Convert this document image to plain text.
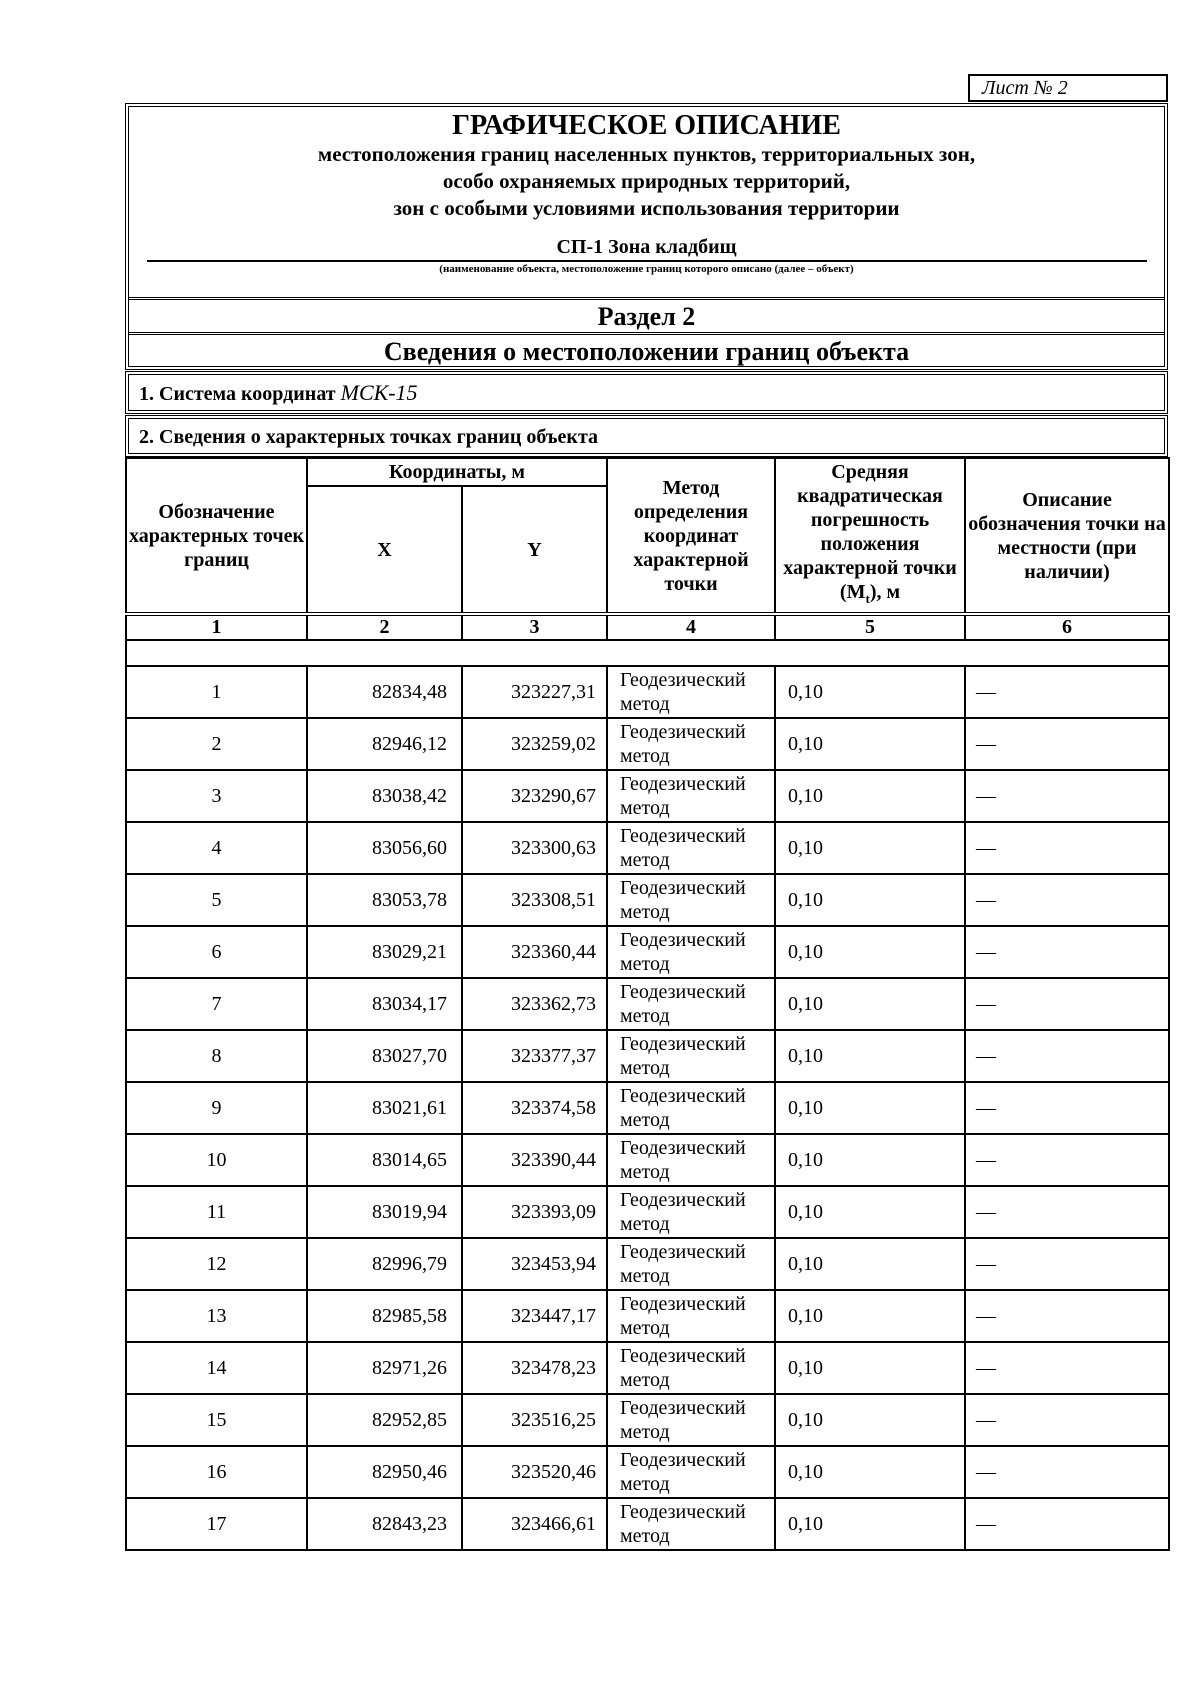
Лист № 2
ГРАФИЧЕСКОЕ ОПИСАНИЕ
местоположения границ населенных пунктов, территориальных зон,
особо охраняемых природных территорий,
зон с особыми условиями использования территории
СП-1 Зона кладбищ
(наименование объекта, местоположение границ которого описано (далее – объект)
Раздел 2
Сведения о местоположении границ объекта
1. Система координат МСК-15
2. Сведения о характерных точках границ объекта
Обозначение характерных точек границ	Координаты, м		Метод определения координат характерной точки	Средняя квадратическая погрешность положения характерной точки $(M_t)$, м	Описание обозначения точки на местности (при наличии)
	X	Y			
1	2	3	4	5	6

1	82834,48	323227,31	Геодезический метод	0,10	—
2	82946,12	323259,02	Геодезический метод	0,10	—
3	83038,42	323290,67	Геодезический метод	0,10	—
4	83056,60	323300,63	Геодезический метод	0,10	—
5	83053,78	323308,51	Геодезический метод	0,10	—
6	83029,21	323360,44	Геодезический метод	0,10	—
7	83034,17	323362,73	Геодезический метод	0,10	—
8	83027,70	323377,37	Геодезический метод	0,10	—
9	83021,61	323374,58	Геодезический метод	0,10	—
10	83014,65	323390,44	Геодезический метод	0,10	—
11	83019,94	323393,09	Геодезический метод	0,10	—
12	82996,79	323453,94	Геодезический метод	0,10	—
13	82985,58	323447,17	Геодезический метод	0,10	—
14	82971,26	323478,23	Геодезический метод	0,10	—
15	82952,85	323516,25	Геодезический метод	0,10	—
16	82950,46	323520,46	Геодезический метод	0,10	—
17	82843,23	323466,61	Геодезический метод	0,10	—
